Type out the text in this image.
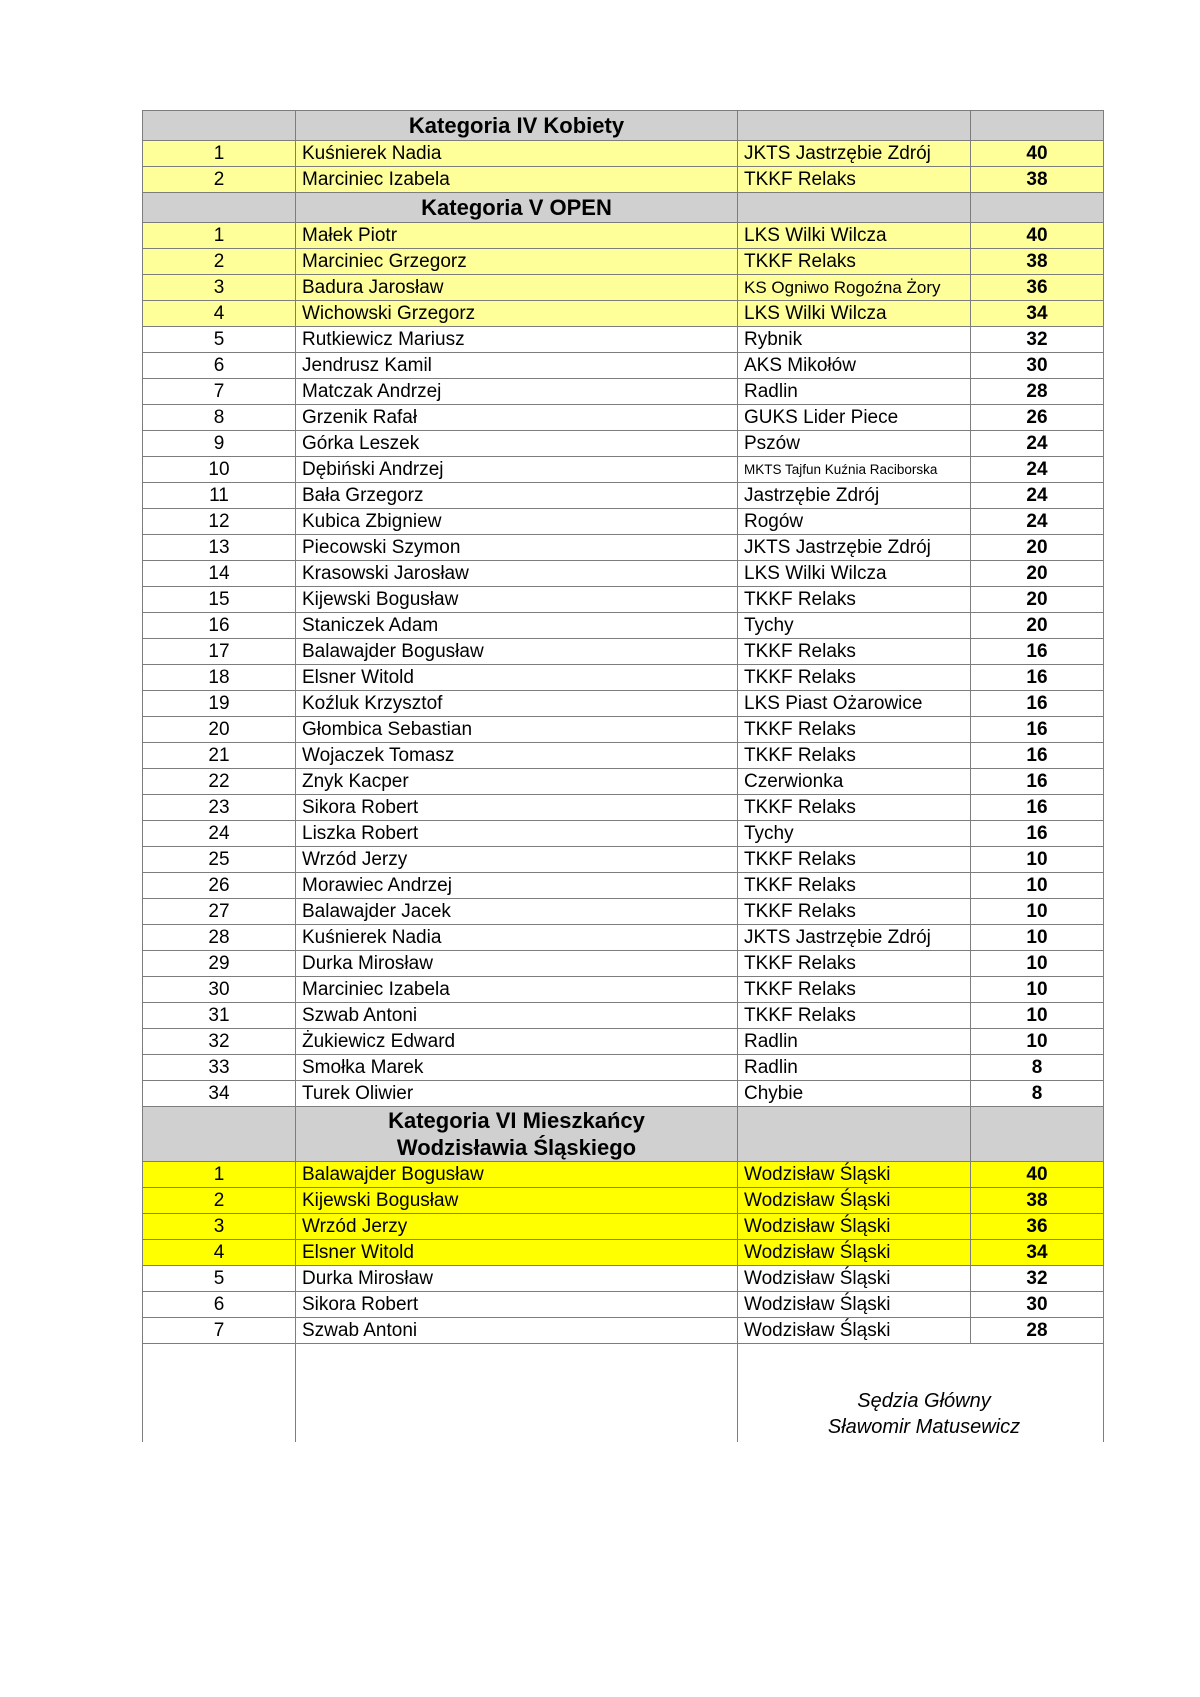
	Kategoria IV Kobiety		
1	Kuśnierek Nadia	JKTS Jastrzębie Zdrój	40
2	Marciniec Izabela	TKKF Relaks	38
	Kategoria V OPEN		
1	Małek Piotr	LKS Wilki Wilcza	40
2	Marciniec Grzegorz	TKKF Relaks	38
3	Badura Jarosław	KS Ogniwo Rogoźna Żory	36
4	Wichowski Grzegorz	LKS Wilki Wilcza	34
5	Rutkiewicz Mariusz	Rybnik	32
6	Jendrusz Kamil	AKS Mikołów	30
7	Matczak Andrzej	Radlin	28
8	Grzenik Rafał	GUKS Lider Piece	26
9	Górka Leszek	Pszów	24
10	Dębiński Andrzej	MKTS Tajfun Kuźnia Raciborska	24
11	Bała Grzegorz	Jastrzębie Zdrój	24
12	Kubica Zbigniew	Rogów	24
13	Piecowski Szymon	JKTS Jastrzębie Zdrój	20
14	Krasowski Jarosław	LKS Wilki Wilcza	20
15	Kijewski Bogusław	TKKF Relaks	20
16	Staniczek Adam	Tychy	20
17	Balawajder Bogusław	TKKF Relaks	16
18	Elsner Witold	TKKF Relaks	16
19	Koźluk Krzysztof	LKS Piast Ożarowice	16
20	Głombica Sebastian	TKKF Relaks	16
21	Wojaczek Tomasz	TKKF Relaks	16
22	Znyk Kacper	Czerwionka	16
23	Sikora Robert	TKKF Relaks	16
24	Liszka Robert	Tychy	16
25	Wrzód Jerzy	TKKF Relaks	10
26	Morawiec Andrzej	TKKF Relaks	10
27	Balawajder Jacek	TKKF Relaks	10
28	Kuśnierek Nadia	JKTS Jastrzębie Zdrój	10
29	Durka Mirosław	TKKF Relaks	10
30	Marciniec Izabela	TKKF Relaks	10
31	Szwab Antoni	TKKF Relaks	10
32	Żukiewicz Edward	Radlin	10
33	Smołka Marek	Radlin	8
34	Turek Oliwier	Chybie	8
	Kategoria VI Mieszkańcy
Wodzisławia Śląskiego		
1	Balawajder Bogusław	Wodzisław Śląski	40
2	Kijewski Bogusław	Wodzisław Śląski	38
3	Wrzód Jerzy	Wodzisław Śląski	36
4	Elsner Witold	Wodzisław Śląski	34
5	Durka Mirosław	Wodzisław Śląski	32
6	Sikora Robert	Wodzisław Śląski	30
7	Szwab Antoni	Wodzisław Śląski	28

		Sędzia Główny
Sławomir Matusewicz	
